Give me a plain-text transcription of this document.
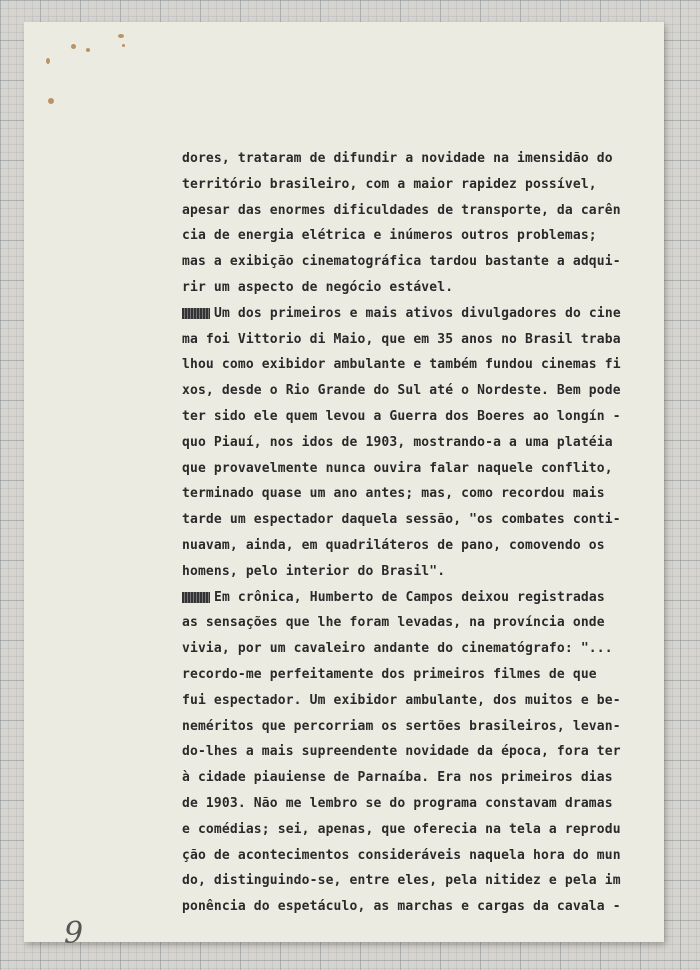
dores, trataram de difundir a novidade na imensidão do
território brasileiro, com a maior rapidez possível,
apesar das enormes dificuldades de transporte, da carên
cia de energia elétrica e inúmeros outros problemas;
mas a exibição cinematográfica tardou bastante a adqui-
rir um aspecto de negócio estável.
Um dos primeiros e mais ativos divulgadores do cine
ma foi Vittorio di Maio, que em 35 anos no Brasil traba
lhou como exibidor ambulante e também fundou cinemas fi
xos, desde o Rio Grande do Sul até o Nordeste. Bem pode
ter sido ele quem levou a Guerra dos Boeres ao longín -
quo Piauí, nos idos de 1903, mostrando-a a uma platéia
que provavelmente nunca ouvira falar naquele conflito,
terminado quase um ano antes; mas, como recordou mais
tarde um espectador daquela sessão, "os combates conti-
nuavam, ainda, em quadriláteros de pano, comovendo os
homens, pelo interior do Brasil".
Em crônica, Humberto de Campos deixou registradas
as sensações que lhe foram levadas, na província onde
vivia, por um cavaleiro andante do cinematógrafo: "...
recordo-me perfeitamente dos primeiros filmes de que
fui espectador. Um exibidor ambulante, dos muitos e be-
neméritos que percorriam os sertões brasileiros, levan-
do-lhes a mais supreendente novidade da época, fora ter
à cidade piauiense de Parnaíba. Era nos primeiros dias
de 1903. Não me lembro se do programa constavam dramas
e comédias; sei, apenas, que oferecia na tela a reprodu
ção de acontecimentos consideráveis naquela hora do mun
do, distinguindo-se, entre eles, pela nitidez e pela im
ponência do espetáculo, as marchas e cargas da cavala -
9
